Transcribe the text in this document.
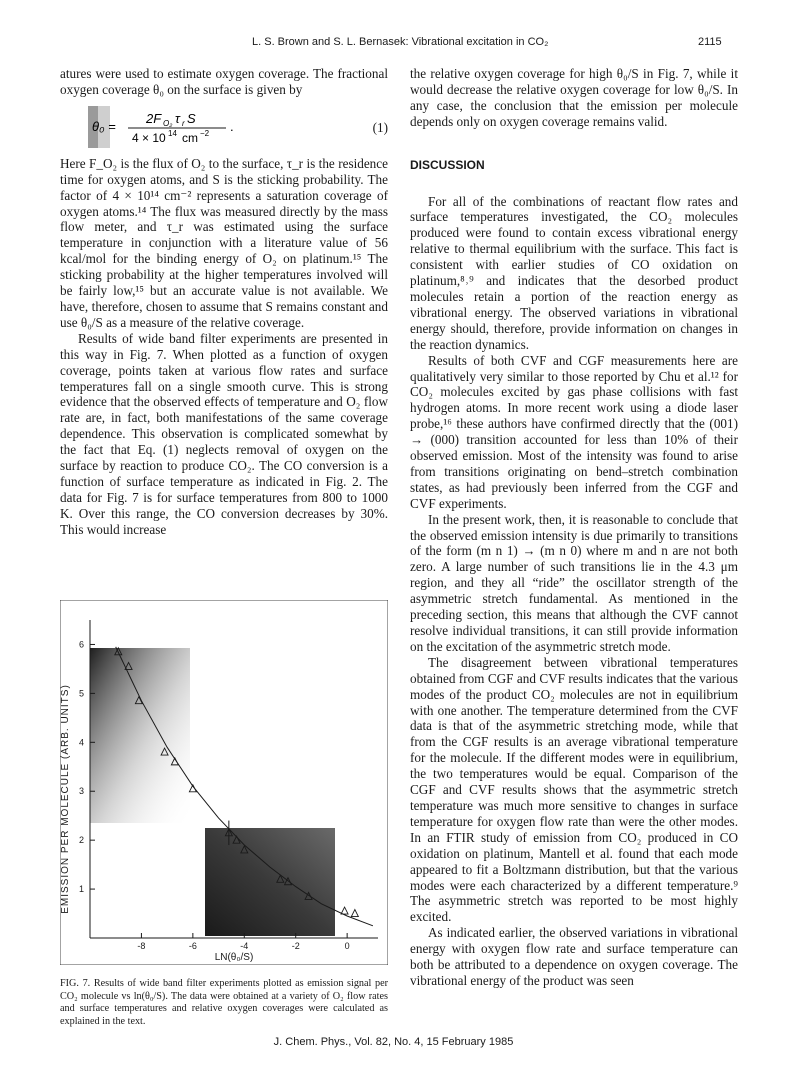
L. S. Brown and S. L. Bernasek: Vibrational excitation in CO₂	2115

atures were used to estimate oxygen coverage. The fractional oxygen coverage θ₀ on the surface is given by

θ₀ =
2F O₂ τ r S
4 × 10 14 cm −2 .	(1)

Here F_O₂ is the flux of O₂ to the surface, τ_r is the residence time for oxygen atoms, and S is the sticking probability. The factor of 4 × 10¹⁴ cm⁻² represents a saturation coverage of oxygen atoms.¹⁴ The flux was measured directly by the mass flow meter, and τ_r was estimated using the surface temperature in conjunction with a literature value of 56 kcal/mol for the binding energy of O₂ on platinum.¹⁵ The sticking probability at the higher temperatures involved will be fairly low,¹⁵ but an accurate value is not available. We have, therefore, chosen to assume that S remains constant and use θ₀/S as a measure of the relative coverage.

Results of wide band filter experiments are presented in this way in Fig. 7. When plotted as a function of oxygen coverage, points taken at various flow rates and surface temperatures fall on a single smooth curve. This is strong evidence that the observed effects of temperature and O₂ flow rate are, in fact, both manifestations of the same coverage dependence. This observation is complicated somewhat by the fact that Eq. (1) neglects removal of oxygen on the surface by reaction to produce CO₂. The CO conversion is a function of surface temperature as indicated in Fig. 2. The data for Fig. 7 is for surface temperatures from 800 to 1000 K. Over this range, the CO conversion decreases by 30%. This would increase

the relative oxygen coverage for high θ₀/S in Fig. 7, while it would decrease the relative oxygen coverage for low θ₀/S. In any case, the conclusion that the emission per molecule depends only on oxygen coverage remains valid.

DISCUSSION

For all of the combinations of reactant flow rates and surface temperatures investigated, the CO₂ molecules produced were found to contain excess vibrational energy relative to thermal equilibrium with the surface. This fact is consistent with earlier studies of CO oxidation on platinum,⁸˒⁹ and indicates that the desorbed product molecules retain a portion of the reaction energy as vibrational energy. The observed variations in vibrational energy should, therefore, provide information on changes in the reaction dynamics.

Results of both CVF and CGF measurements here are qualitatively very similar to those reported by Chu et al.¹² for CO₂ molecules excited by gas phase collisions with fast hydrogen atoms. In more recent work using a diode laser probe,¹⁶ these authors have confirmed directly that the (001) → (000) transition accounted for less than 10% of their observed emission. Most of the intensity was found to arise from transitions originating on bend–stretch combination states, as had previously been inferred from the CGF and CVF experiments.

In the present work, then, it is reasonable to conclude that the observed emission intensity is due primarily to transitions of the form (m n 1) → (m n 0) where m and n are not both zero. A large number of such transitions lie in the 4.3 μm region, and they all “ride” the oscillator strength of the asymmetric stretch fundamental. As mentioned in the preceding section, this means that although the CVF cannot resolve individual transitions, it can still provide information on the excitation of the asymmetric stretch mode.

The disagreement between vibrational temperatures obtained from CGF and CVF results indicates that the various modes of the product CO₂ molecules are not in equilibrium with one another. The temperature determined from the CVF data is that of the asymmetric stretching mode, while that from the CGF results is an average vibrational temperature for the molecule. If the different modes were in equilibrium, the two temperatures would be equal. Comparison of the CGF and CVF results shows that the asymmetric stretch temperature was much more sensitive to changes in surface temperature for oxygen flow rate than were the other modes. In an FTIR study of emission from CO₂ produced in CO oxidation on platinum, Mantell et al. found that each mode appeared to fit a Boltzmann distribution, but that the various modes were each characterized by a different temperature.⁹ The asymmetric stretch was reported to be most highly excited.

As indicated earlier, the observed variations in vibrational energy with oxygen flow rate and surface temperature can both be attributed to a dependence on oxygen coverage. The vibrational energy of the product was seen

1
2
3
4
5
6
-8	-6	-4	-2	0
LN(θ₀/S)
EMISSION PER MOLECULE (ARB. UNITS)
FIG. 7. Results of wide band filter experiments plotted as emission signal per CO₂ molecule vs ln(θ₀/S). The data were obtained at a variety of O₂ flow rates and surface temperatures and relative oxygen coverages were calculated as explained in the text.
J. Chem. Phys., Vol. 82, No. 4, 15 February 1985
